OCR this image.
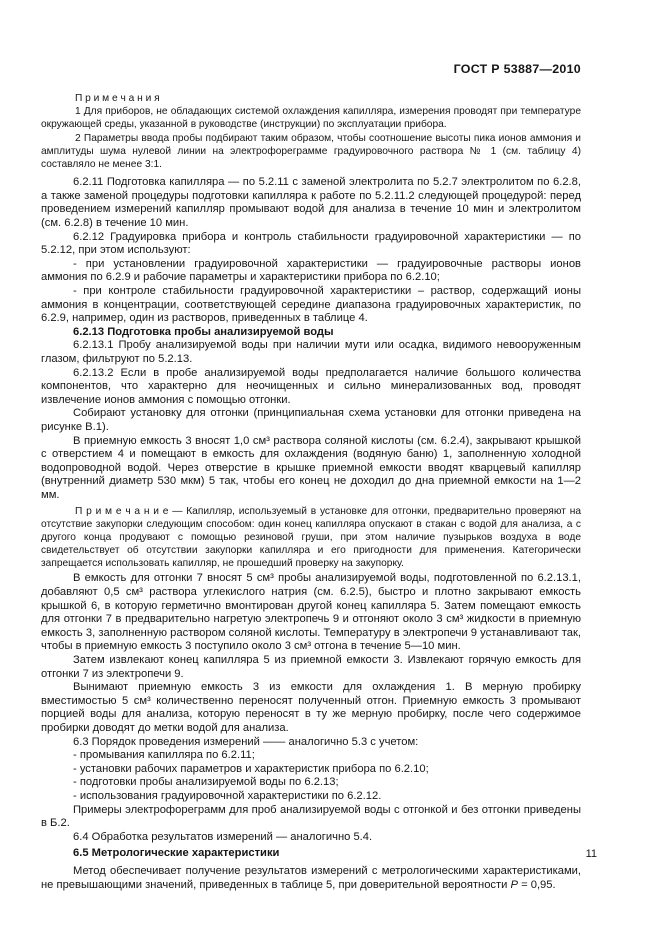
ГОСТ Р 53887—2010

П р и м е ч а н и я

1 Для приборов, не обладающих системой охлаждения капилляра, измерения проводят при температуре окружающей среды, указанной в руководстве (инструкции) по эксплуатации прибора.

2 Параметры ввода пробы подбирают таким образом, чтобы соотношение высоты пика ионов аммония и амплитуды шума нулевой линии на электрофореграмме градуировочного раствора № 1 (см. таблицу 4) составляло не менее 3:1.

6.2.11 Подготовка капилляра — по 5.2.11 с заменой электролита по 5.2.7 электролитом по 6.2.8, а также заменой процедуры подготовки капилляра к работе по 5.2.11.2 следующей процедурой: перед проведением измерений капилляр промывают водой для анализа в течение 10 мин и электролитом (см. 6.2.8) в течение 10 мин.

6.2.12 Градуировка прибора и контроль стабильности градуировочной характеристики — по 5.2.12, при этом используют:

- при установлении градуировочной характеристики — градуировочные растворы ионов аммония по 6.2.9 и рабочие параметры и характеристики прибора по 6.2.10;

- при контроле стабильности градуировочной характеристики – раствор, содержащий ионы аммония в концентрации, соответствующей середине диапазона градуировочных характеристик, по 6.2.9, например, один из растворов, приведенных в таблице 4.

6.2.13 Подготовка пробы анализируемой воды

6.2.13.1 Пробу анализируемой воды при наличии мути или осадка, видимого невооруженным глазом, фильтруют по 5.2.13.

6.2.13.2 Если в пробе анализируемой воды предполагается наличие большого количества компонентов, что характерно для неочищенных и сильно минерализованных вод, проводят извлечение ионов аммония с помощью отгонки.

Собирают установку для отгонки (принципиальная схема установки для отгонки приведена на рисунке В.1).

В приемную емкость 3 вносят 1,0 см³ раствора соляной кислоты (см. 6.2.4), закрывают крышкой с отверстием 4 и помещают в емкость для охлаждения (водяную баню) 1, заполненную холодной водопроводной водой. Через отверстие в крышке приемной емкости вводят кварцевый капилляр (внутренний диаметр 530 мкм) 5 так, чтобы его конец не доходил до дна приемной емкости на 1—2 мм.

П р и м е ч а н и е — Капилляр, используемый в установке для отгонки, предварительно проверяют на отсутствие закупорки следующим способом: один конец капилляра опускают в стакан с водой для анализа, а с другого конца продувают с помощью резиновой груши, при этом наличие пузырьков воздуха в воде свидетельствует об отсутствии закупорки капилляра и его пригодности для применения. Категорически запрещается использовать капилляр, не прошедший проверку на закупорку.

В емкость для отгонки 7 вносят 5 см³ пробы анализируемой воды, подготовленной по 6.2.13.1, добавляют 0,5 см³ раствора углекислого натрия (см. 6.2.5), быстро и плотно закрывают емкость крышкой 6, в которую герметично вмонтирован другой конец капилляра 5. Затем помещают емкость для отгонки 7 в предварительно нагретую электропечь 9 и отгоняют около 3 см³ жидкости в приемную емкость 3, заполненную раствором соляной кислоты. Температуру в электропечи 9 устанавливают так, чтобы в приемную емкость 3 поступило около 3 см³ отгона в течение 5—10 мин.

Затем извлекают конец капилляра 5 из приемной емкости 3. Извлекают горячую емкость для отгонки 7 из электропечи 9.

Вынимают приемную емкость 3 из емкости для охлаждения 1. В мерную пробирку вместимостью 5 см³ количественно переносят полученный отгон. Приемную емкость 3 промывают порцией воды для анализа, которую переносят в ту же мерную пробирку, после чего содержимое пробирки доводят до метки водой для анализа.

6.3 Порядок проведения измерений —— аналогично 5.3 с учетом:

- промывания капилляра по 6.2.11;

- установки рабочих параметров и характеристик прибора по 6.2.10;

- подготовки пробы анализируемой воды по 6.2.13;

- использования градуировочной характеристики по 6.2.12.

Примеры электрофореграмм для проб анализируемой воды с отгонкой и без отгонки приведены в Б.2.

6.4 Обработка результатов измерений — аналогично 5.4.

6.5 Метрологические характеристики

Метод обеспечивает получение результатов измерений с метрологическими характеристиками, не превышающими значений, приведенных в таблице 5, при доверительной вероятности P = 0,95.

11
